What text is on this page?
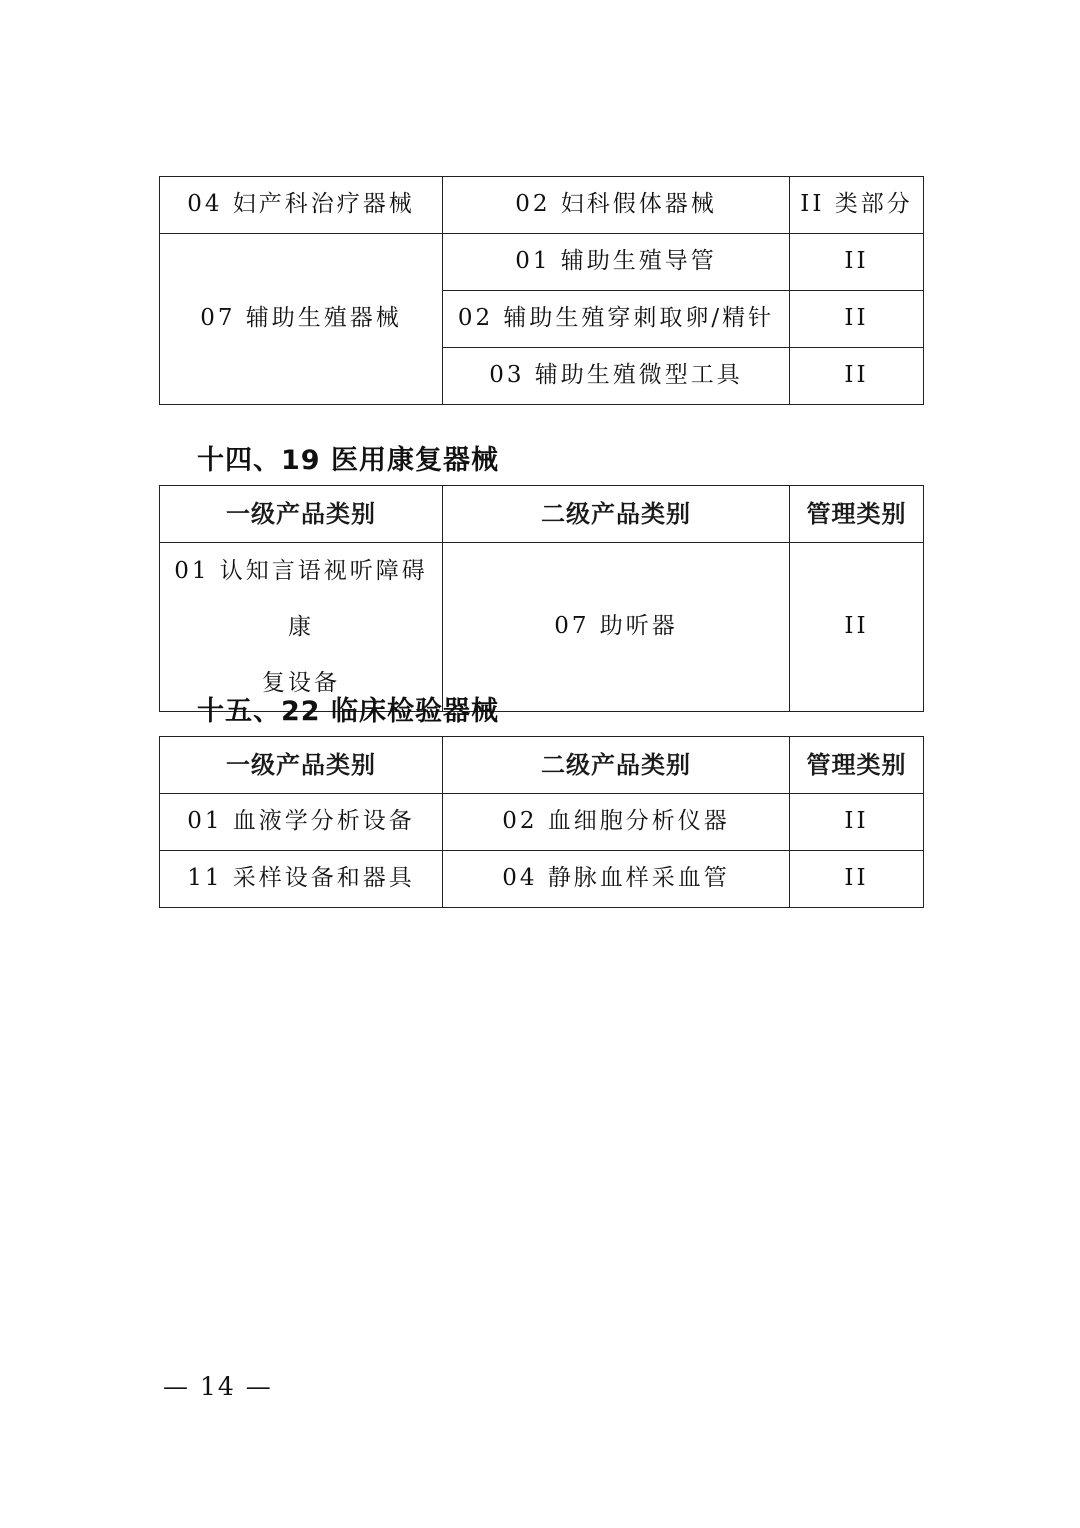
04 妇产科治疗器械	02 妇科假体器械	II 类部分
07 辅助生殖器械	01 辅助生殖导管	II
	02 辅助生殖穿刺取卵/精针	II
	03 辅助生殖微型工具	II
十四、19 医用康复器械
一级产品类别	二级产品类别	管理类别
01 认知言语视听障碍康
复设备	07 助听器	II
十五、22 临床检验器械
一级产品类别	二级产品类别	管理类别
01 血液学分析设备	02 血细胞分析仪器	II
11 采样设备和器具	04 静脉血样采血管	II
— 14 —
